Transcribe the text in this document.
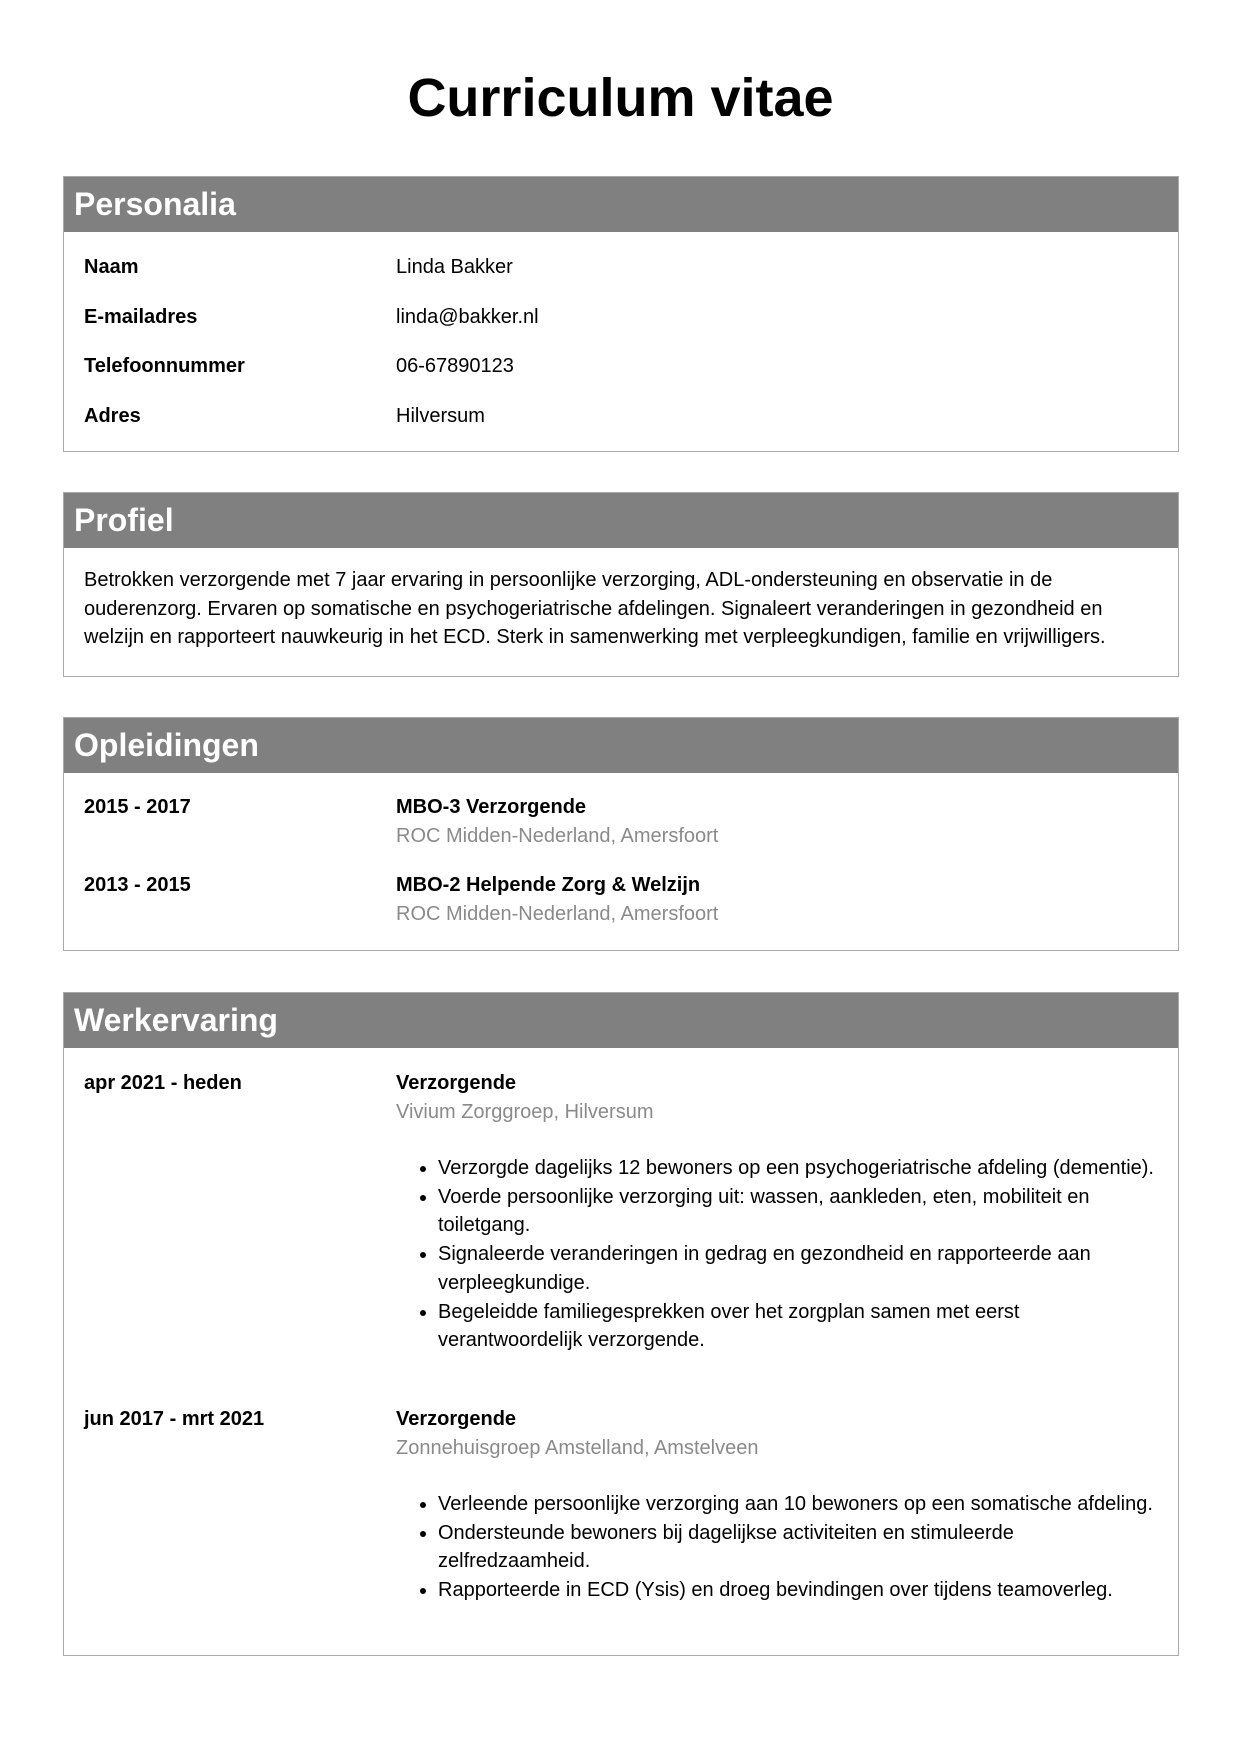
Curriculum vitae
Personalia
Naam	Linda Bakker
E-mailadres	linda@bakker.nl
Telefoonnummer	06-67890123
Adres	Hilversum
Profiel
Betrokken verzorgende met 7 jaar ervaring in persoonlijke verzorging, ADL-ondersteuning en observatie in de ouderenzorg. Ervaren op somatische en psychogeriatrische afdelingen. Signaleert veranderingen in gezondheid en welzijn en rapporteert nauwkeurig in het ECD. Sterk in samenwerking met verpleegkundigen, familie en vrijwilligers.
Opleidingen
2015 - 2017	MBO-3 Verzorgende
ROC Midden-Nederland, Amersfoort
2013 - 2015	MBO-2 Helpende Zorg & Welzijn
ROC Midden-Nederland, Amersfoort
Werkervaring
apr 2021 - heden	Verzorgende
Vivium Zorggroep, Hilversum
• Verzorgde dagelijks 12 bewoners op een psychogeriatrische afdeling (dementie).
• Voerde persoonlijke verzorging uit: wassen, aankleden, eten, mobiliteit en toiletgang.
• Signaleerde veranderingen in gedrag en gezondheid en rapporteerde aan verpleegkundige.
• Begeleidde familiegesprekken over het zorgplan samen met eerst verantwoordelijk verzorgende.
jun 2017 - mrt 2021	Verzorgende
Zonnehuisgroep Amstelland, Amstelveen
• Verleende persoonlijke verzorging aan 10 bewoners op een somatische afdeling.
• Ondersteunde bewoners bij dagelijkse activiteiten en stimuleerde zelfredzaamheid.
• Rapporteerde in ECD (Ysis) en droeg bevindingen over tijdens teamoverleg.
